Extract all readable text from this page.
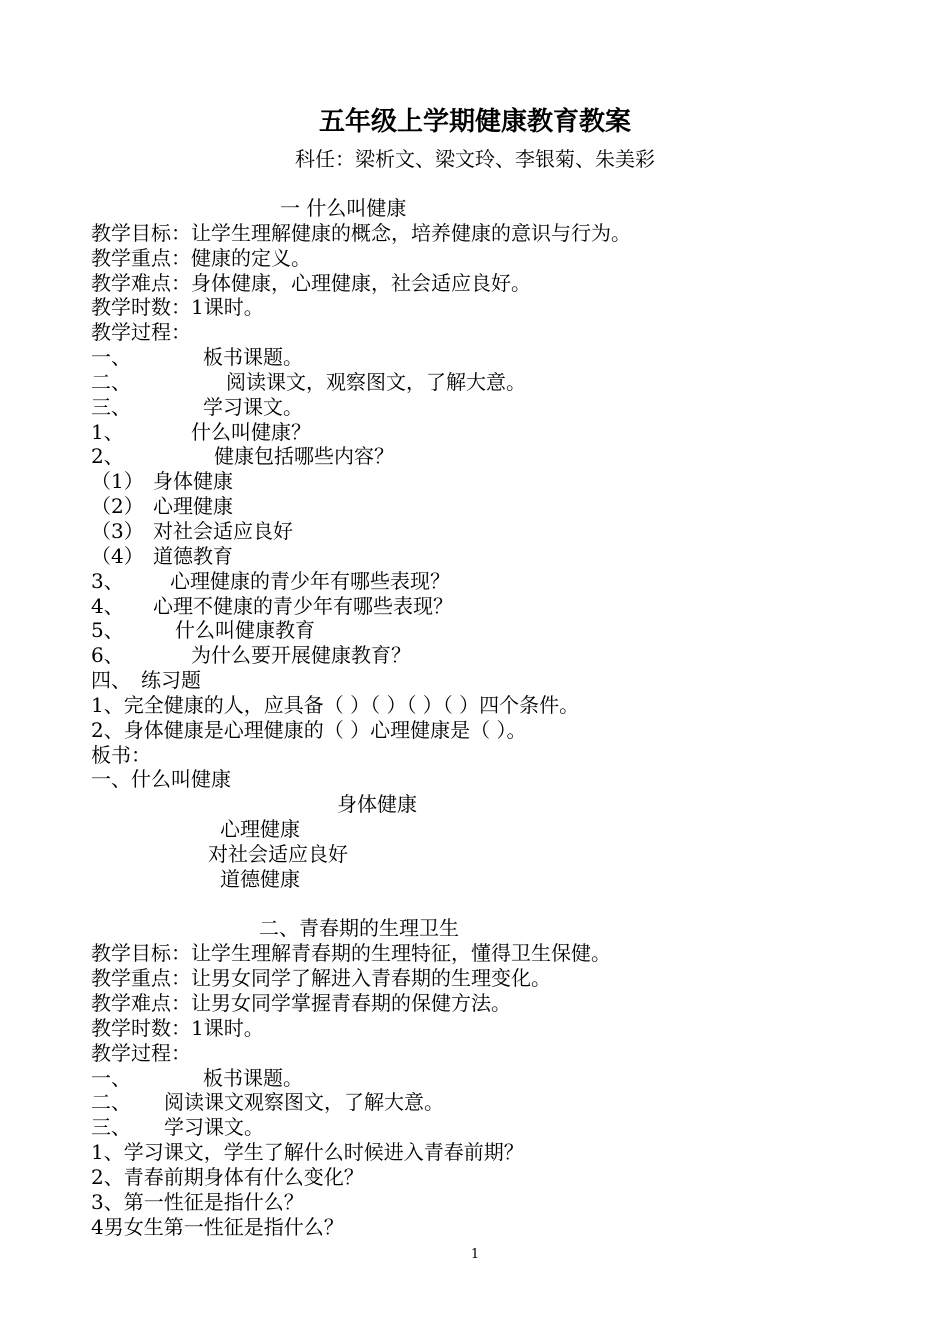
五年级上学期健康教育教案
科任：梁析文、梁文玲、李银菊、朱美彩
一 什么叫健康
教学目标：让学生理解健康的概念，培养健康的意识与行为。
教学重点：健康的定义。
教学难点：身体健康，心理健康，社会适应良好。
教学时数：1课时。
教学过程：
一、	板书课题。
二、	阅读课文，观察图文，了解大意。
三、	学习课文。
1、	什么叫健康？
2、	健康包括哪些内容？
（1） 身体健康
（2） 心理健康
（3） 对社会适应良好
（4） 道德教育
3、 心理健康的青少年有哪些表现？
4、 心理不健康的青少年有哪些表现？
5、	什么叫健康教育
6、	为什么要开展健康教育？
四、 练习题
1、完全健康的人，应具备（ ）（ ）（ ）（ ）四个条件。
2、身体健康是心理健康的（ ）心理健康是（ ）。
板书：
一、什么叫健康
身体健康
心理健康
对社会适应良好
道德健康
二、青春期的生理卫生
教学目标：让学生理解青春期的生理特征，懂得卫生保健。
教学重点：让男女同学了解进入青春期的生理变化。
教学难点：让男女同学掌握青春期的保健方法。
教学时数：1课时。
教学过程：
一、	板书课题。
二、 阅读课文观察图文，了解大意。
三、 学习课文。
1、学习课文，学生了解什么时候进入青春前期？
2、青春前期身体有什么变化？
3、第一性征是指什么？
4男女生第一性征是指什么？
1
